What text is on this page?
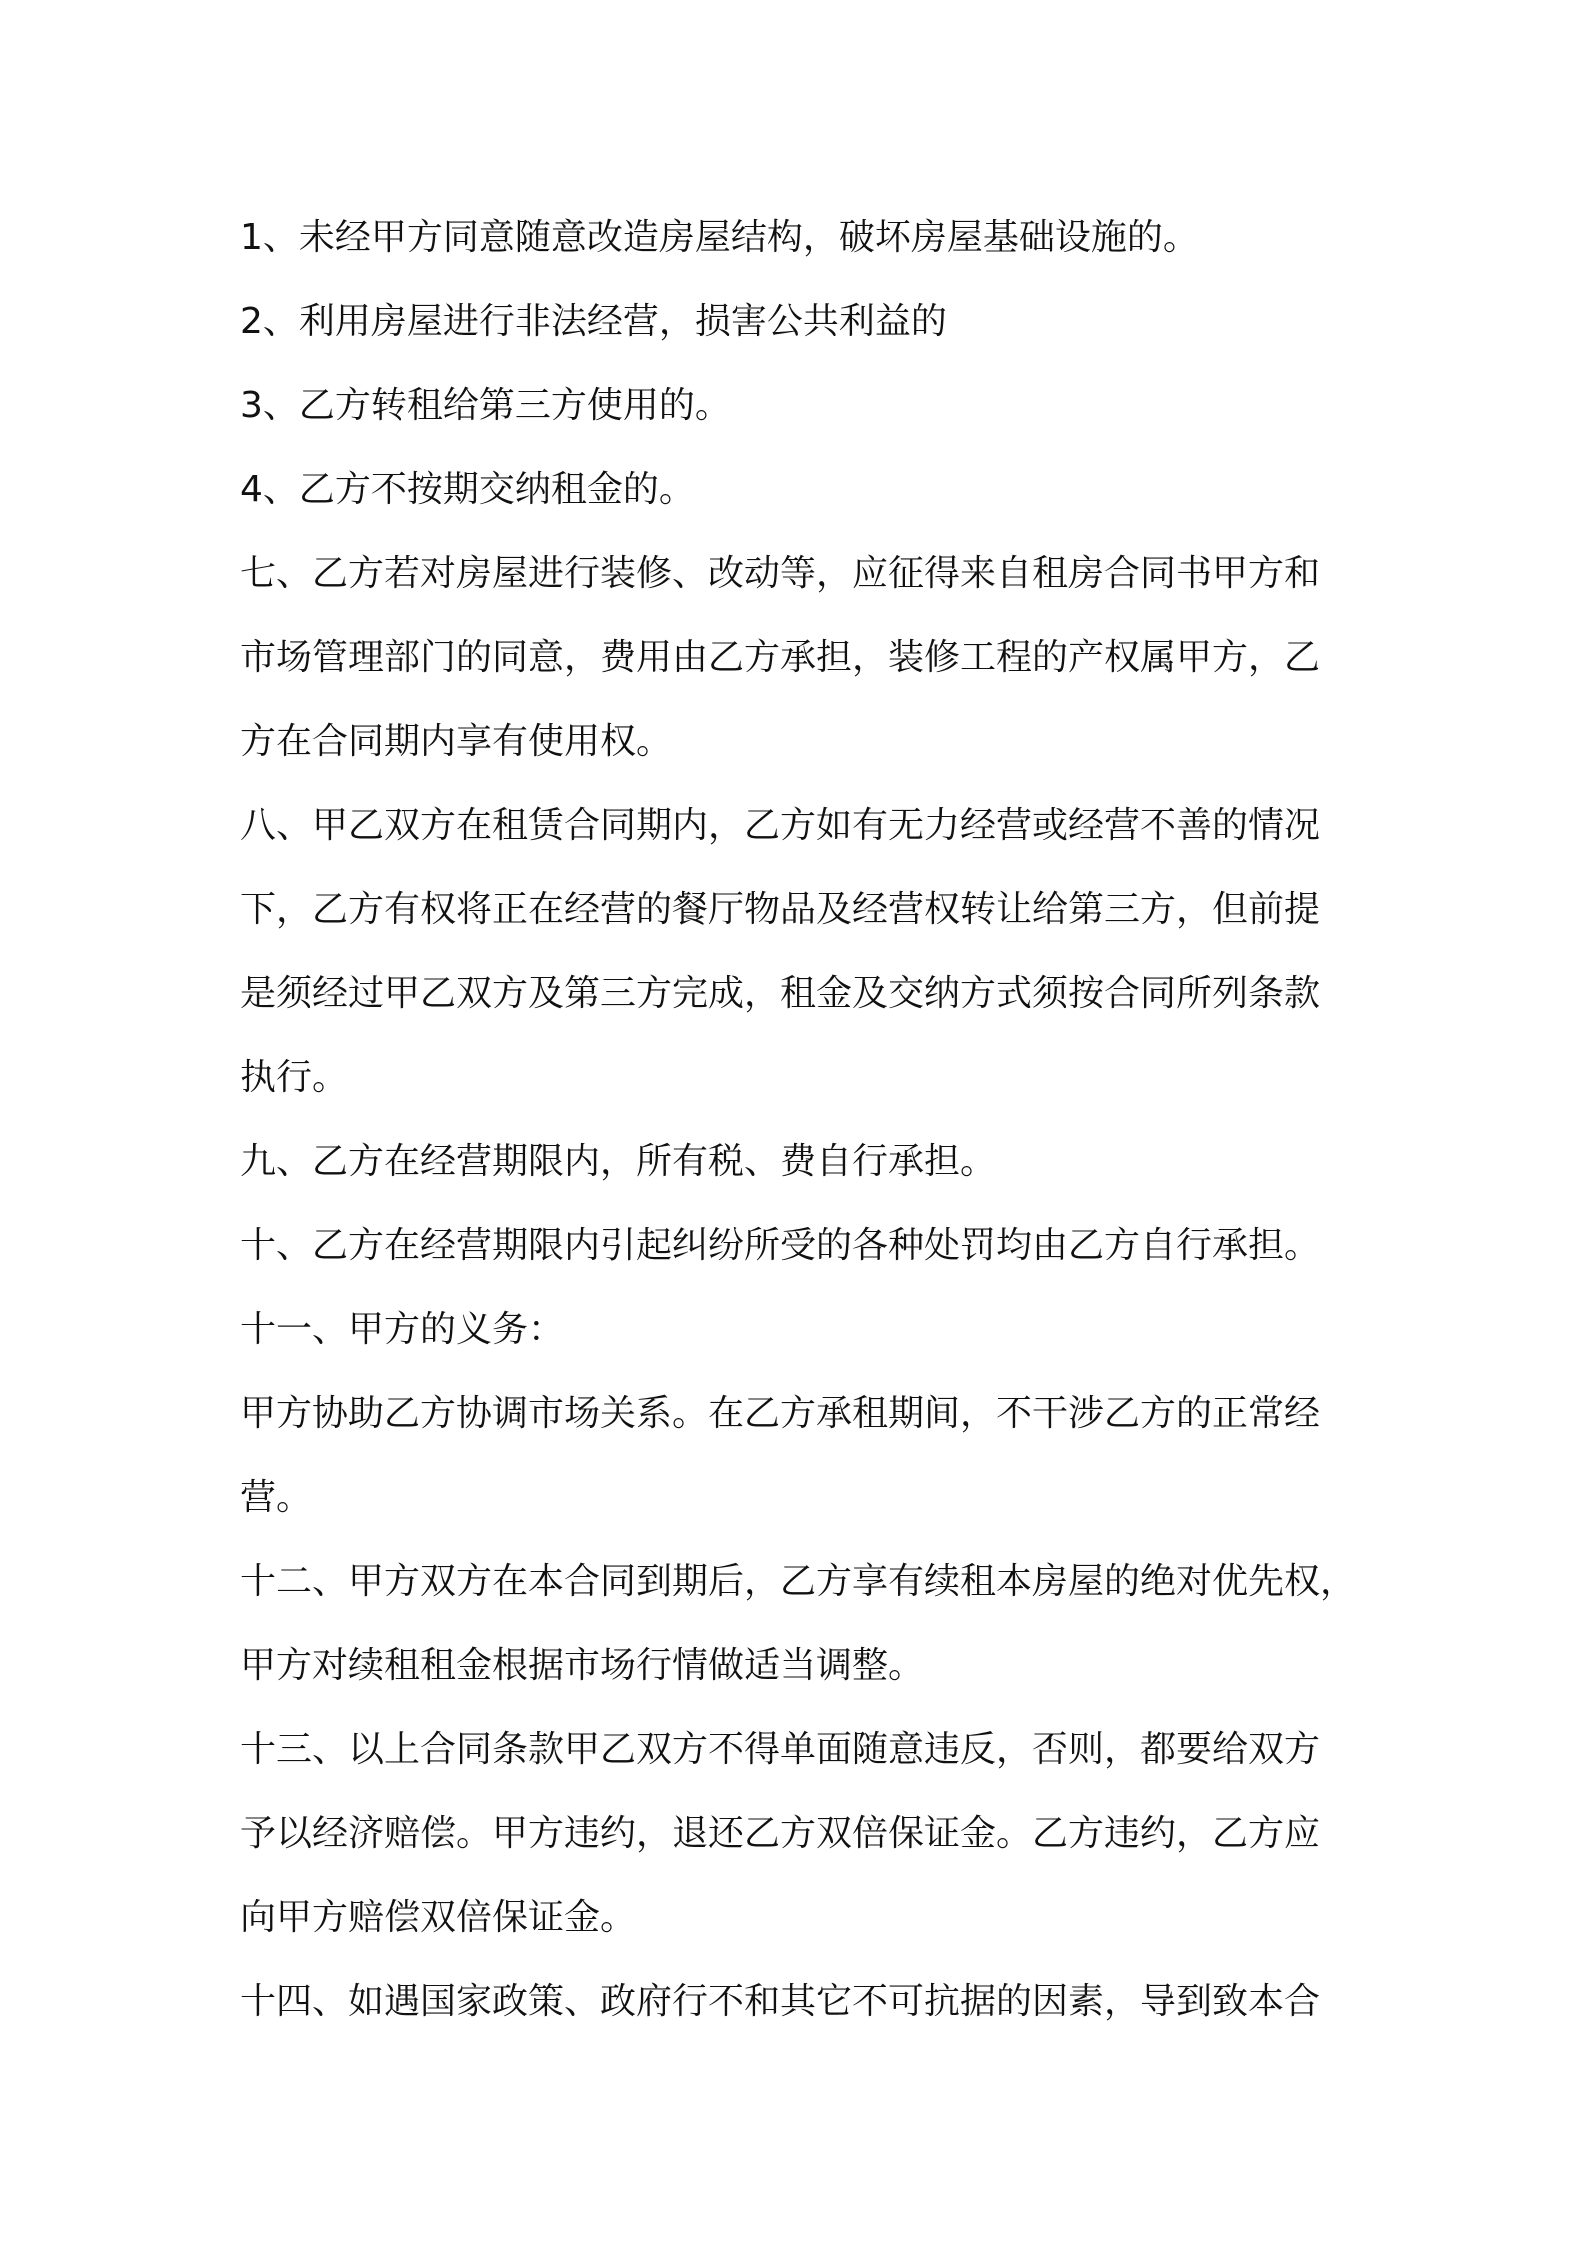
1、未经甲方同意随意改造房屋结构，破坏房屋基础设施的。
2、利用房屋进行非法经营，损害公共利益的
3、乙方转租给第三方使用的。
4、乙方不按期交纳租金的。
七、乙方若对房屋进行装修、改动等，应征得来自租房合同书甲方和
市场管理部门的同意，费用由乙方承担，装修工程的产权属甲方，乙
方在合同期内享有使用权。
八、甲乙双方在租赁合同期内，乙方如有无力经营或经营不善的情况
下，乙方有权将正在经营的餐厅物品及经营权转让给第三方，但前提
是须经过甲乙双方及第三方完成，租金及交纳方式须按合同所列条款
执行。
九、乙方在经营期限内，所有税、费自行承担。
十、乙方在经营期限内引起纠纷所受的各种处罚均由乙方自行承担。
十一、甲方的义务：
甲方协助乙方协调市场关系。在乙方承租期间，不干涉乙方的正常经
营。
十二、甲方双方在本合同到期后，乙方享有续租本房屋的绝对优先权，
甲方对续租租金根据市场行情做适当调整。
十三、以上合同条款甲乙双方不得单面随意违反，否则，都要给双方
予以经济赔偿。甲方违约，退还乙方双倍保证金。乙方违约，乙方应
向甲方赔偿双倍保证金。
十四、如遇国家政策、政府行不和其它不可抗据的因素，导到致本合
